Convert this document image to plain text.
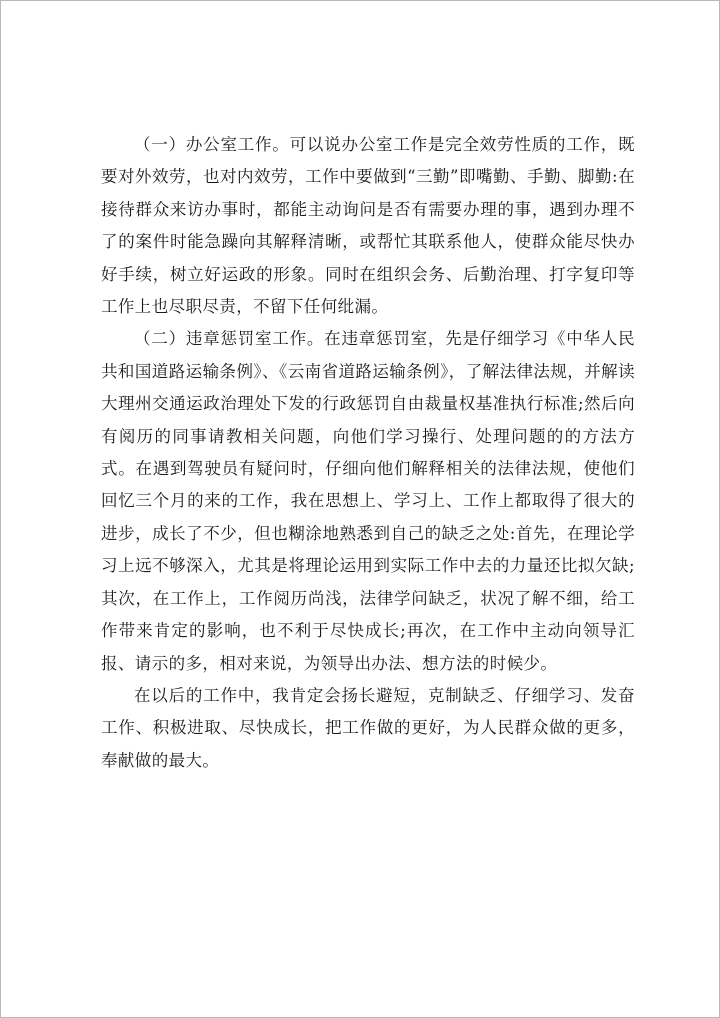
（一）办公室工作。可以说办公室工作是完全效劳性质的工作，既要对外效劳，也对内效劳，工作中要做到“三勤”即嘴勤、手勤、脚勤:在接待群众来访办事时，都能主动询问是否有需要办理的事，遇到办理不了的案件时能急躁向其解释清晰，或帮忙其联系他人，使群众能尽快办好手续，树立好运政的形象。同时在组织会务、后勤治理、打字复印等工作上也尽职尽责，不留下任何纰漏。

（二）违章惩罚室工作。在违章惩罚室，先是仔细学习《中华人民共和国道路运输条例》、《云南省道路运输条例》，了解法律法规，并解读大理州交通运政治理处下发的行政惩罚自由裁量权基准执行标准;然后向有阅历的同事请教相关问题，向他们学习操行、处理问题的的方法方式。在遇到驾驶员有疑问时，仔细向他们解释相关的法律法规，使他们回忆三个月的来的工作，我在思想上、学习上、工作上都取得了很大的进步，成长了不少，但也糊涂地熟悉到自己的缺乏之处:首先，在理论学习上远不够深入，尤其是将理论运用到实际工作中去的力量还比拟欠缺;其次，在工作上，工作阅历尚浅，法律学问缺乏，状况了解不细，给工作带来肯定的影响，也不利于尽快成长;再次，在工作中主动向领导汇报、请示的多，相对来说，为领导出办法、想方法的时候少。

在以后的工作中，我肯定会扬长避短，克制缺乏、仔细学习、发奋工作、积极进取、尽快成长，把工作做的更好，为人民群众做的更多，奉献做的最大。
